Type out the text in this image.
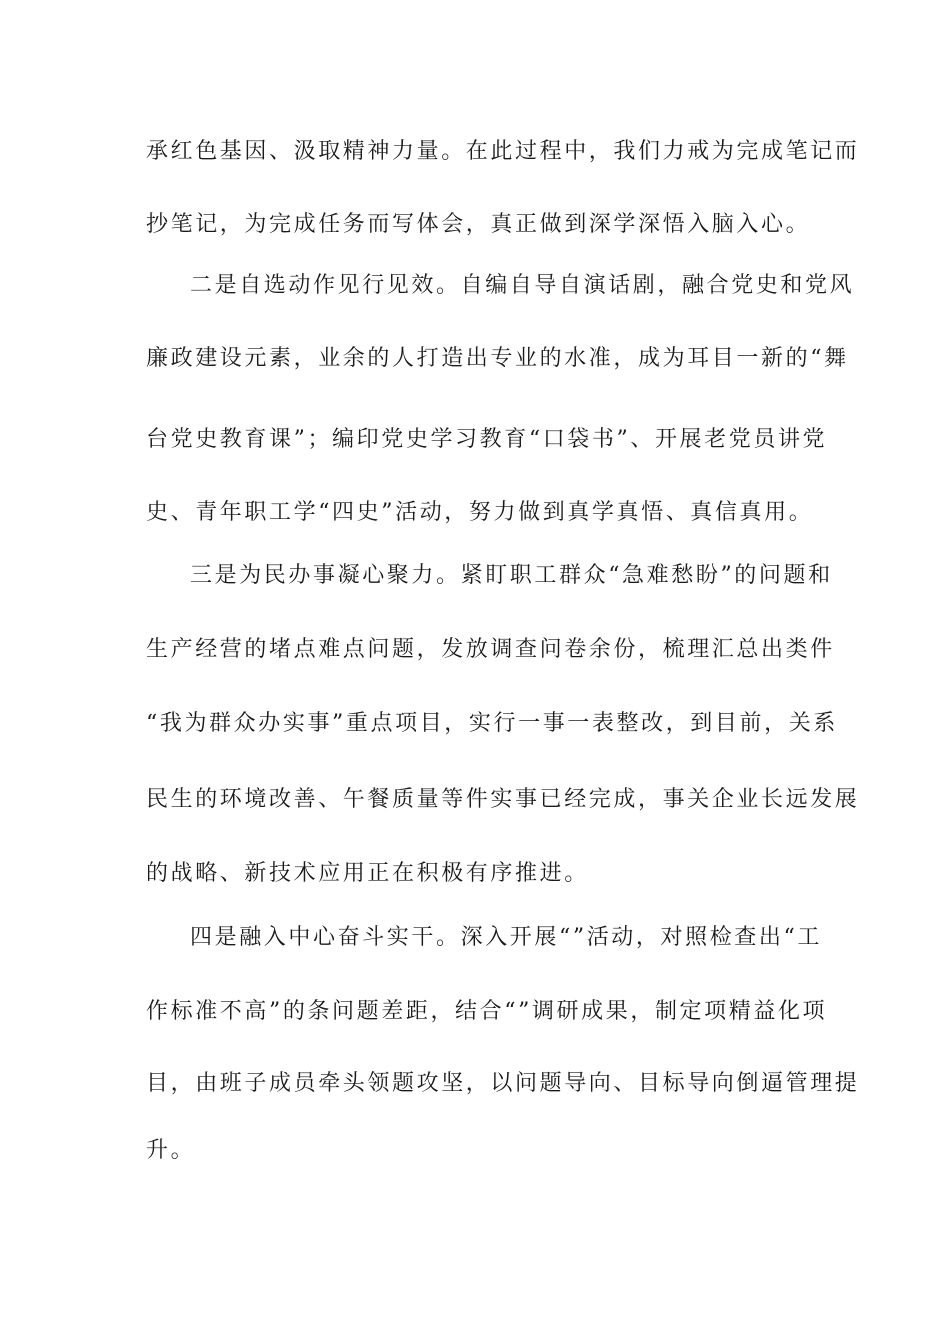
承红色基因、汲取精神力量。在此过程中，我们力戒为完成笔记而
抄笔记，为完成任务而写体会，真正做到深学深悟入脑入心。
二是自选动作见行见效。自编自导自演话剧，融合党史和党风
廉政建设元素，业余的人打造出专业的水准，成为耳目一新的“舞
台党史教育课”；编印党史学习教育“口袋书”、开展老党员讲党
史、青年职工学“四史”活动，努力做到真学真悟、真信真用。
三是为民办事凝心聚力。紧盯职工群众“急难愁盼”的问题和
生产经营的堵点难点问题，发放调查问卷余份，梳理汇总出类件
“我为群众办实事”重点项目，实行一事一表整改，到目前，关系
民生的环境改善、午餐质量等件实事已经完成，事关企业长远发展
的战略、新技术应用正在积极有序推进。
四是融入中心奋斗实干。深入开展“”活动，对照检查出“工
作标准不高”的条问题差距，结合“”调研成果，制定项精益化项
目，由班子成员牵头领题攻坚，以问题导向、目标导向倒逼管理提
升。
